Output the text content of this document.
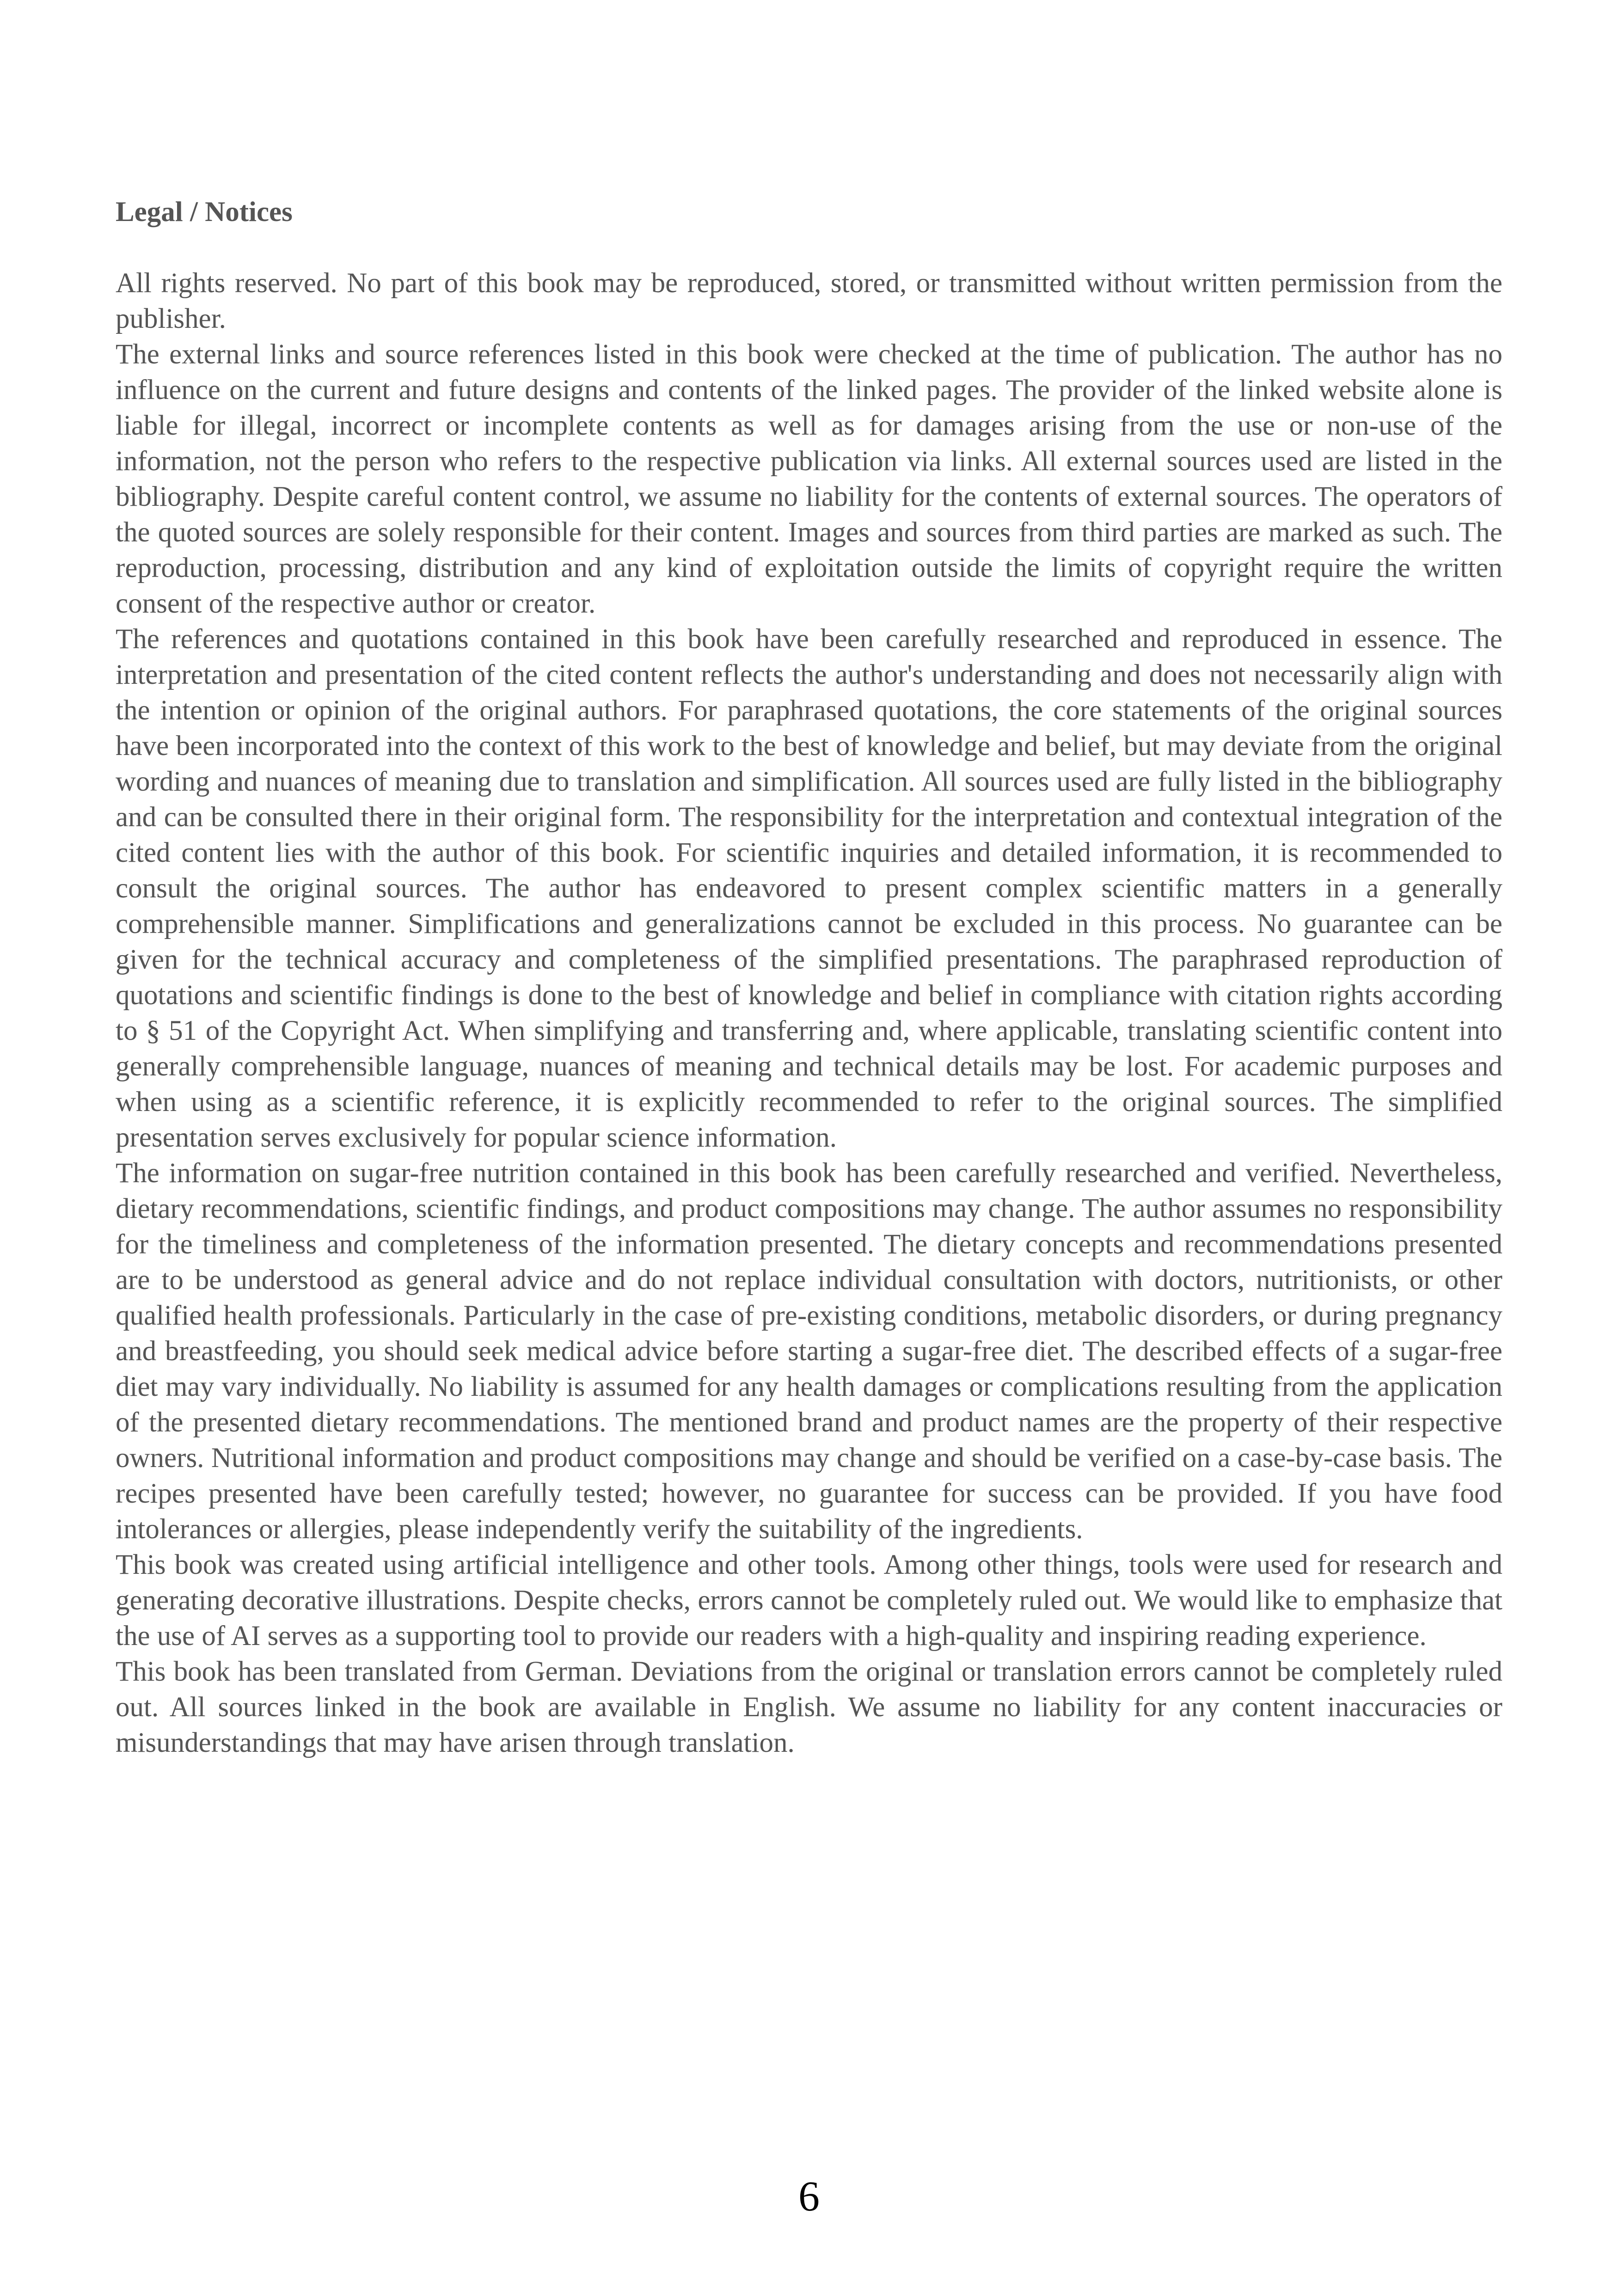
Legal / Notices

All rights reserved. No part of this book may be reproduced, stored, or transmitted without written permission from the publisher.

The external links and source references listed in this book were checked at the time of publication. The author has no influence on the current and future designs and contents of the linked pages. The provider of the linked website alone is liable for illegal, incorrect or incomplete contents as well as for damages arising from the use or non-use of the information, not the person who refers to the respective publication via links. All external sources used are listed in the bibliography. Despite careful content control, we assume no liability for the contents of external sources. The operators of the quoted sources are solely responsible for their content. Images and sources from third parties are marked as such. The reproduction, processing, distribution and any kind of exploitation outside the limits of copyright require the written consent of the respective author or creator.

The references and quotations contained in this book have been carefully researched and reproduced in essence. The interpretation and presentation of the cited content reflects the author's understanding and does not necessarily align with the intention or opinion of the original authors. For paraphrased quotations, the core statements of the original sources have been incorporated into the context of this work to the best of knowledge and belief, but may deviate from the original wording and nuances of meaning due to translation and simplification. All sources used are fully listed in the bibliography and can be consulted there in their original form. The responsibility for the interpretation and contextual integration of the cited content lies with the author of this book. For scientific inquiries and detailed information, it is recommended to consult the original sources. The author has endeavored to present complex scientific matters in a generally comprehensible manner. Simplifications and generalizations cannot be excluded in this process. No guarantee can be given for the technical accuracy and completeness of the simplified presentations. The paraphrased reproduction of quotations and scientific findings is done to the best of knowledge and belief in compliance with citation rights according to § 51 of the Copyright Act. When simplifying and transferring and, where applicable, translating scientific content into generally comprehensible language, nuances of meaning and technical details may be lost. For academic purposes and when using as a scientific reference, it is explicitly recommended to refer to the original sources. The simplified presentation serves exclusively for popular science information.

The information on sugar-free nutrition contained in this book has been carefully researched and verified. Nevertheless, dietary recommendations, scientific findings, and product compositions may change. The author assumes no responsibility for the timeliness and completeness of the information presented. The dietary concepts and recommendations presented are to be understood as general advice and do not replace individual consultation with doctors, nutritionists, or other qualified health professionals. Particularly in the case of pre-existing conditions, metabolic disorders, or during pregnancy and breastfeeding, you should seek medical advice before starting a sugar-free diet. The described effects of a sugar-free diet may vary individually. No liability is assumed for any health damages or complications resulting from the application of the presented dietary recommendations. The mentioned brand and product names are the property of their respective owners. Nutritional information and product compositions may change and should be verified on a case-by-case basis. The recipes presented have been carefully tested; however, no guarantee for success can be provided. If you have food intolerances or allergies, please independently verify the suitability of the ingredients.

This book was created using artificial intelligence and other tools. Among other things, tools were used for research and generating decorative illustrations. Despite checks, errors cannot be completely ruled out. We would like to emphasize that the use of AI serves as a supporting tool to provide our readers with a high-quality and inspiring reading experience.

This book has been translated from German. Deviations from the original or translation errors cannot be completely ruled out. All sources linked in the book are available in English. We assume no liability for any content inaccuracies or misunderstandings that may have arisen through translation.

6
